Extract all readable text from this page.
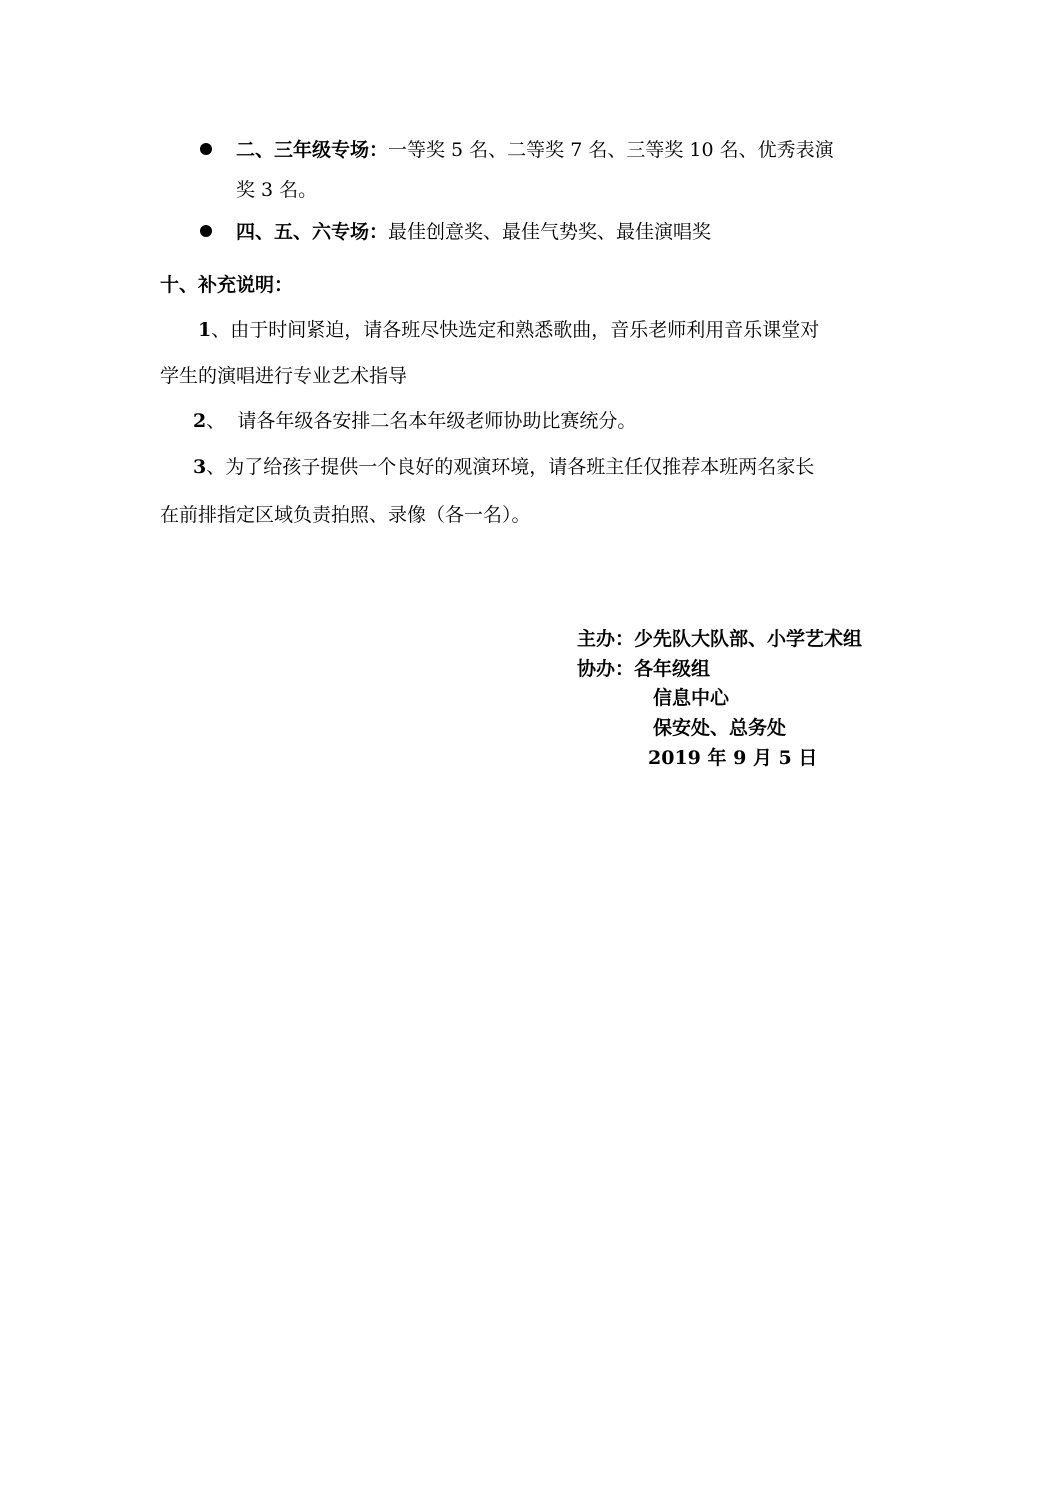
二、三年级专场：一等奖 5 名、二等奖 7 名、三等奖 10 名、优秀表演
奖 3 名。
四、五、六专场：最佳创意奖、最佳气势奖、最佳演唱奖
十、补充说明：
1、由于时间紧迫，请各班尽快选定和熟悉歌曲，音乐老师利用音乐课堂对
学生的演唱进行专业艺术指导
2、  请各年级各安排二名本年级老师协助比赛统分。
3、为了给孩子提供一个良好的观演环境，请各班主任仅推荐本班两名家长
在前排指定区域负责拍照、录像（各一名）。
主办：少先队大队部、小学艺术组
协办：各年级组
信息中心
保安处、总务处
2019 年 9 月 5 日
